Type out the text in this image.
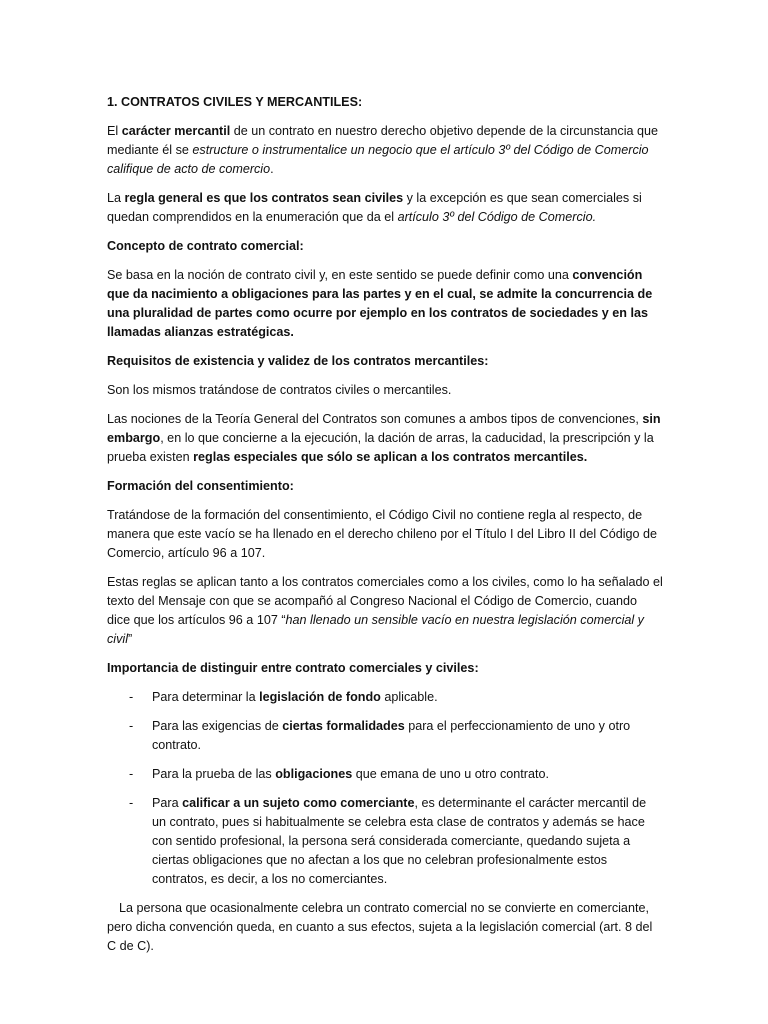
1. CONTRATOS CIVILES Y MERCANTILES:

El carácter mercantil de un contrato en nuestro derecho objetivo depende de la circunstancia que mediante él se estructure o instrumentalice un negocio que el artículo 3º del Código de Comercio califique de acto de comercio.

La regla general es que los contratos sean civiles y la excepción es que sean comerciales si quedan comprendidos en la enumeración que da el artículo 3º del Código de Comercio.

Concepto de contrato comercial:

Se basa en la noción de contrato civil y, en este sentido se puede definir como una convención que da nacimiento a obligaciones para las partes y en el cual, se admite la concurrencia de una pluralidad de partes como ocurre por ejemplo en los contratos de sociedades y en las llamadas alianzas estratégicas.

Requisitos de existencia y validez de los contratos mercantiles:

Son los mismos tratándose de contratos civiles o mercantiles.

Las nociones de la Teoría General del Contratos son comunes a ambos tipos de convenciones, sin embargo, en lo que concierne a la ejecución, la dación de arras, la caducidad, la prescripción y la prueba existen reglas especiales que sólo se aplican a los contratos mercantiles.

Formación del consentimiento:

Tratándose de la formación del consentimiento, el Código Civil no contiene regla al respecto, de manera que este vacío se ha llenado en el derecho chileno por el Título I del Libro II del Código de Comercio, artículo 96 a 107.

Estas reglas se aplican tanto a los contratos comerciales como a los civiles, como lo ha señalado el texto del Mensaje con que se acompañó al Congreso Nacional el Código de Comercio, cuando dice que los artículos 96 a 107 “han llenado un sensible vacío en nuestra legislación comercial y civil”

Importancia de distinguir entre contrato comerciales y civiles:

- Para determinar la legislación de fondo aplicable.
- Para las exigencias de ciertas formalidades para el perfeccionamiento de uno y otro contrato.
- Para la prueba de las obligaciones que emana de uno u otro contrato.
- Para calificar a un sujeto como comerciante, es determinante el carácter mercantil de un contrato, pues si habitualmente se celebra esta clase de contratos y además se hace con sentido profesional, la persona será considerada comerciante, quedando sujeta a ciertas obligaciones que no afectan a los que no celebran profesionalmente estos contratos, es decir, a los no comerciantes.

La persona que ocasionalmente celebra un contrato comercial no se convierte en comerciante, pero dicha convención queda, en cuanto a sus efectos, sujeta a la legislación comercial (art. 8 del C de C).
